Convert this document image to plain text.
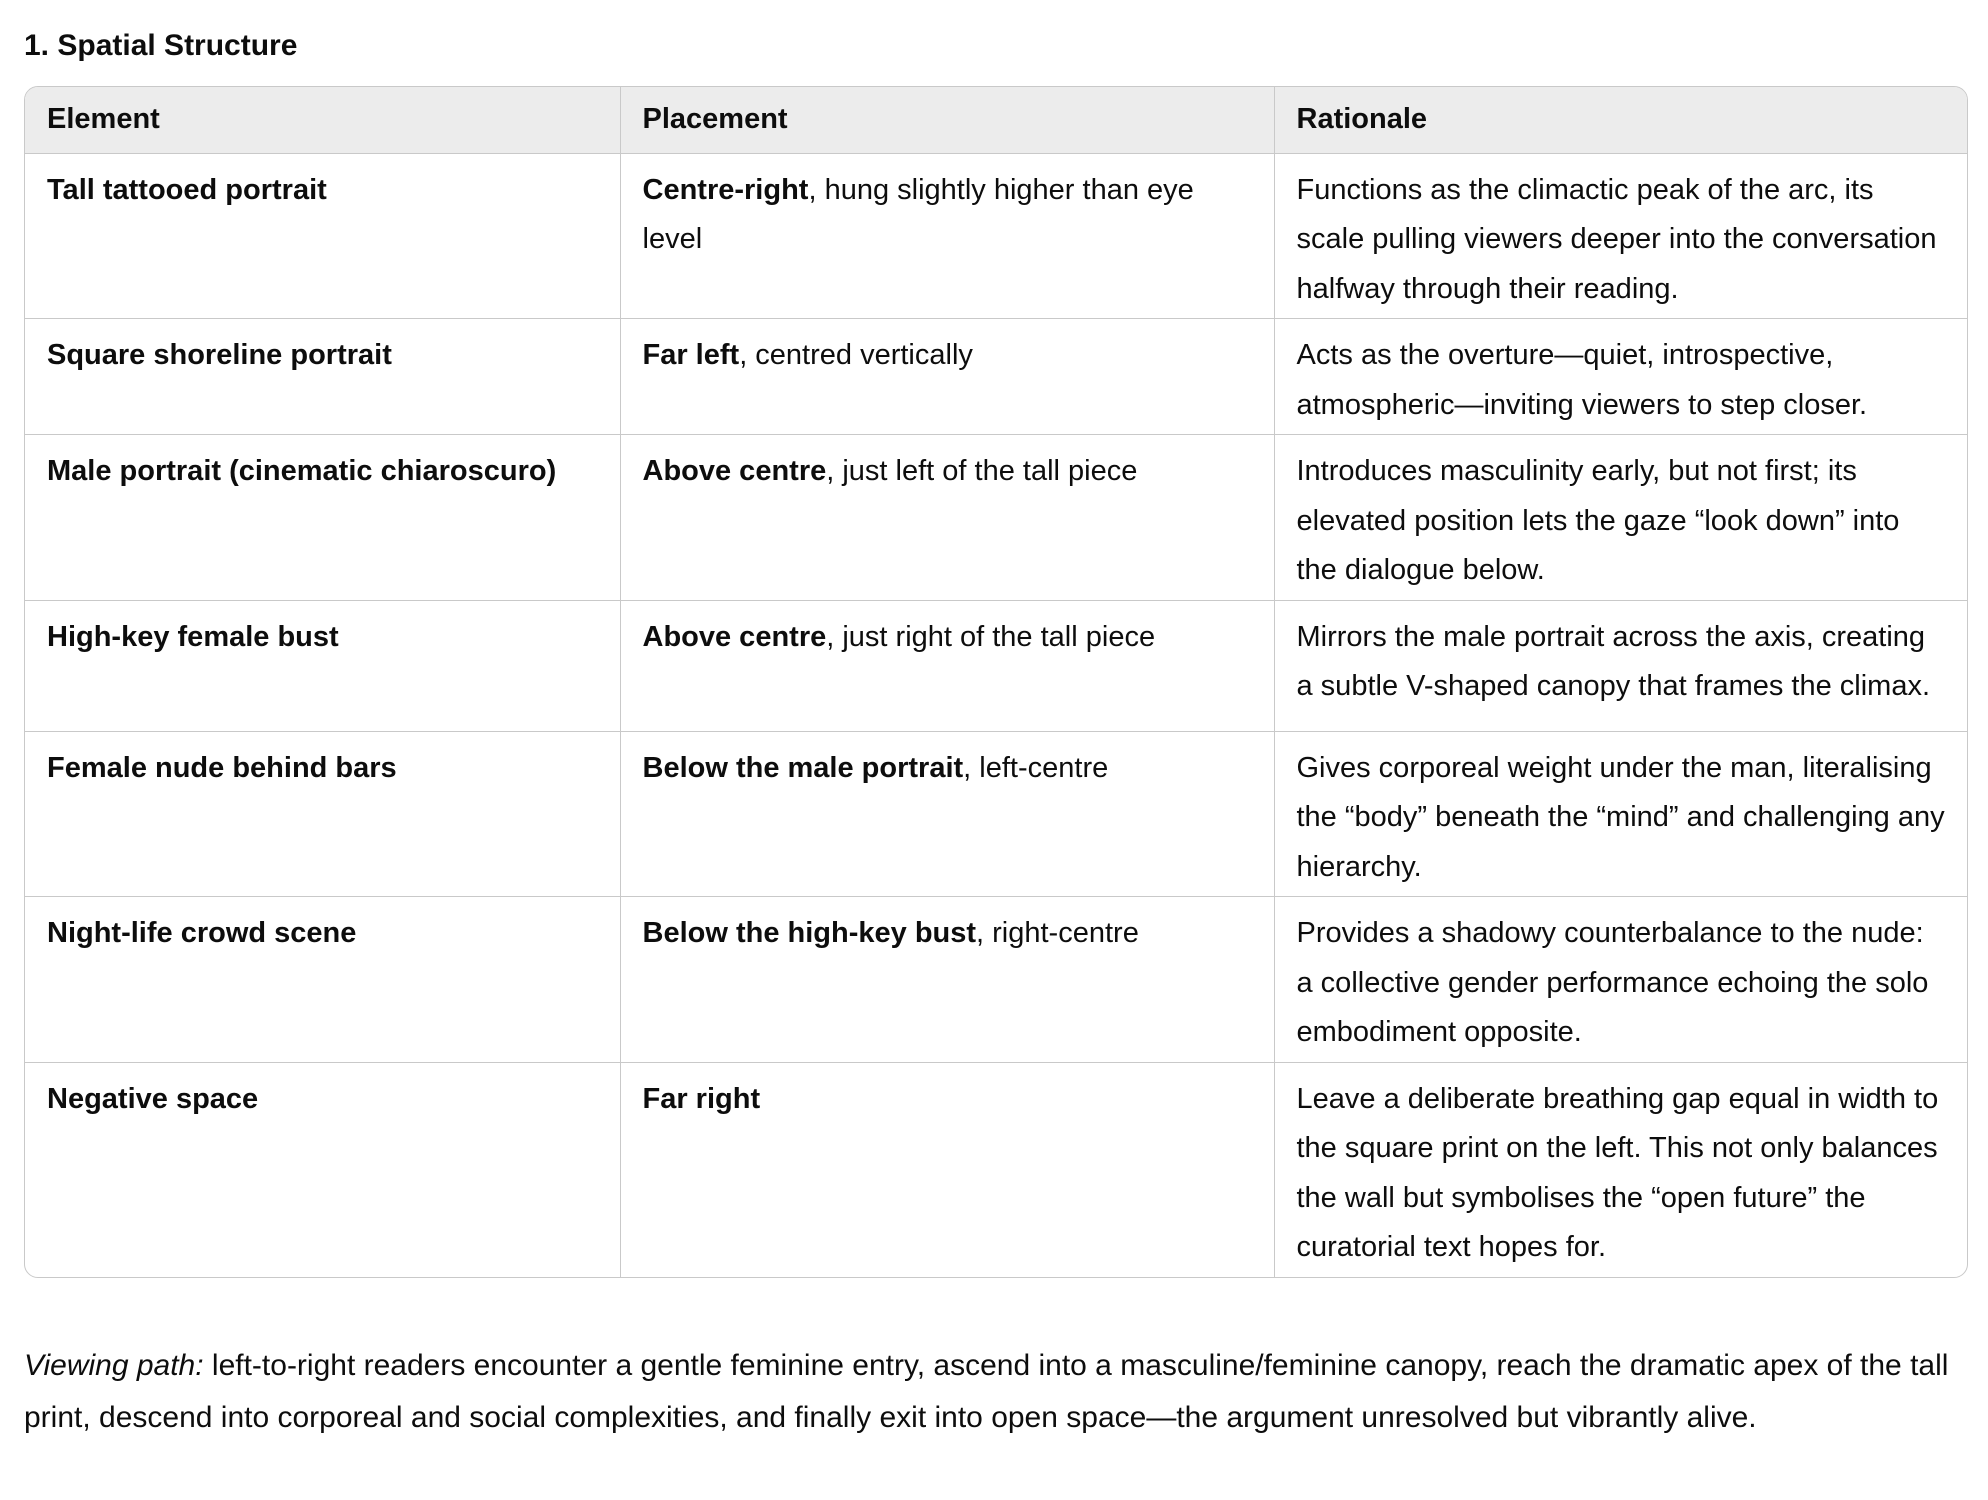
1. Spatial Structure
Element	Placement	Rationale
Tall tattooed portrait	Centre-right, hung slightly higher than eye level	Functions as the climactic peak of the arc, its scale pulling viewers deeper into the conversation halfway through their reading.
Square shoreline portrait	Far left, centred vertically	Acts as the overture—quiet, introspective, atmospheric—inviting viewers to step closer.
Male portrait (cinematic chiaroscuro)	Above centre, just left of the tall piece	Introduces masculinity early, but not first; its elevated position lets the gaze “look down” into the dialogue below.
High-key female bust	Above centre, just right of the tall piece	Mirrors the male portrait across the axis, creating a subtle V-shaped canopy that frames the climax.
Female nude behind bars	Below the male portrait, left-centre	Gives corporeal weight under the man, literalising the “body” beneath the “mind” and challenging any hierarchy.
Night-life crowd scene	Below the high-key bust, right-centre	Provides a shadowy counterbalance to the nude: a collective gender performance echoing the solo embodiment opposite.
Negative space	Far right	Leave a deliberate breathing gap equal in width to the square print on the left. This not only balances the wall but symbolises the “open future” the curatorial text hopes for.

Viewing path: left-to-right readers encounter a gentle feminine entry, ascend into a masculine/feminine canopy, reach the dramatic apex of the tall print, descend into corporeal and social complexities, and finally exit into open space—the argument unresolved but vibrantly alive.
